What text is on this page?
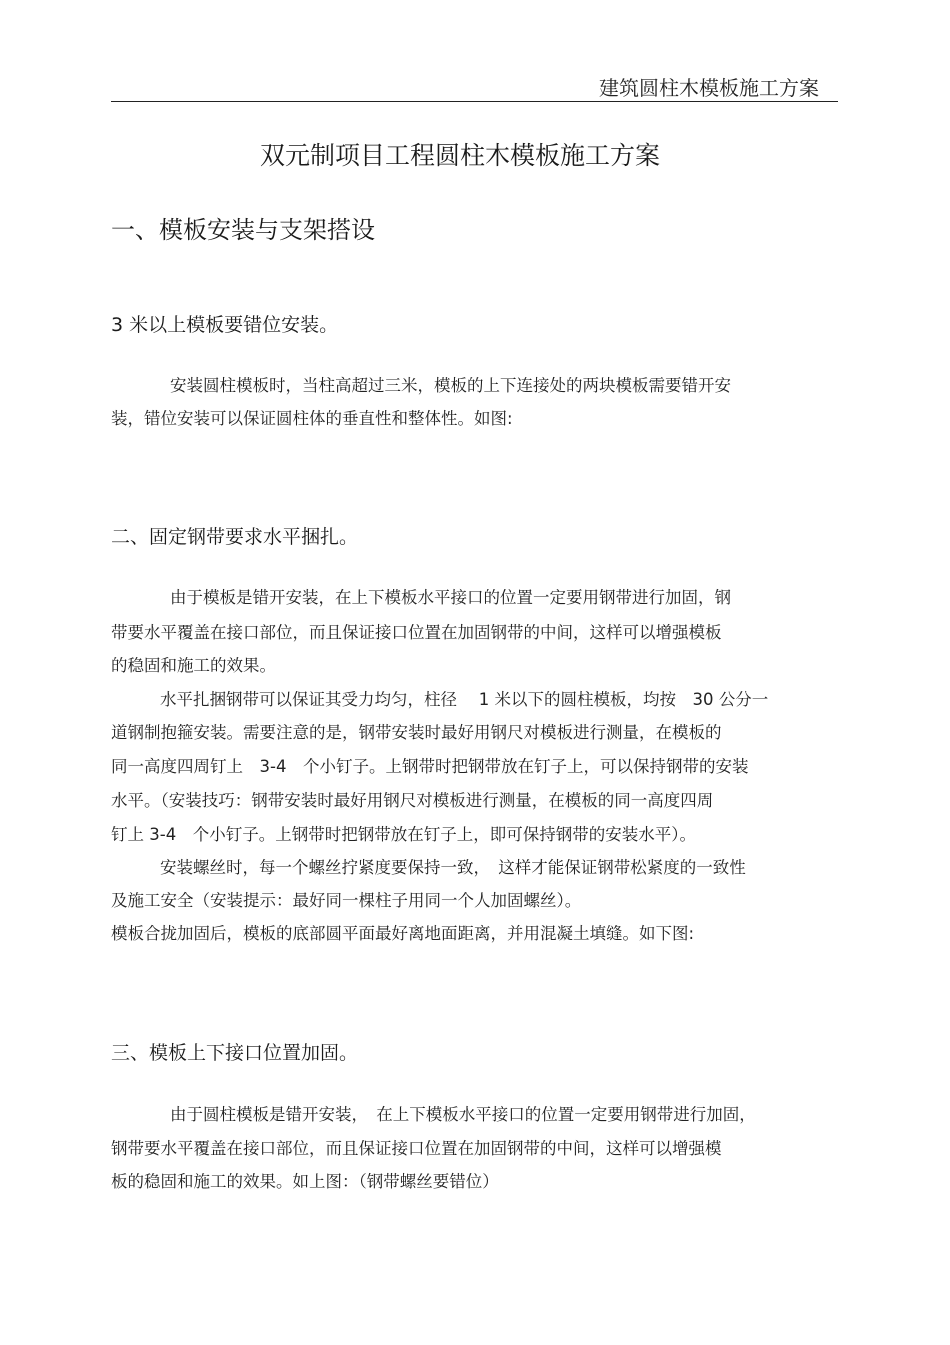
建筑圆柱木模板施工方案
双元制项目工程圆柱木模板施工方案
一、模板安装与支架搭设
3 米以上模板要错位安装。
安装圆柱模板时，当柱高超过三米，模板的上下连接处的两块模板需要错开安
装，错位安装可以保证圆柱体的垂直性和整体性。如图:
二、固定钢带要求水平捆扎。
由于模板是错开安装，在上下模板水平接口的位置一定要用钢带进行加固，钢
带要水平覆盖在接口部位，而且保证接口位置在加固钢带的中间，这样可以增强模板
的稳固和施工的效果。
水平扎捆钢带可以保证其受力均匀，柱径　 1 米以下的圆柱模板，均按　30 公分一
道钢制抱箍安装。需要注意的是，钢带安装时最好用钢尺对模板进行测量，在模板的
同一高度四周钉上　3-4　个小钉子。上钢带时把钢带放在钉子上，可以保持钢带的安装
水平。（安装技巧：钢带安装时最好用钢尺对模板进行测量，在模板的同一高度四周
钉上 3-4　个小钉子。上钢带时把钢带放在钉子上，即可保持钢带的安装水平）。
安装螺丝时，每一个螺丝拧紧度要保持一致，　这样才能保证钢带松紧度的一致性
及施工安全（安装提示：最好同一棵柱子用同一个人加固螺丝）。
模板合拢加固后，模板的底部圆平面最好离地面距离，并用混凝土填缝。如下图:
三、模板上下接口位置加固。
由于圆柱模板是错开安装，　在上下模板水平接口的位置一定要用钢带进行加固，
钢带要水平覆盖在接口部位，而且保证接口位置在加固钢带的中间，这样可以增强模
板的稳固和施工的效果。如上图：（钢带螺丝要错位）
